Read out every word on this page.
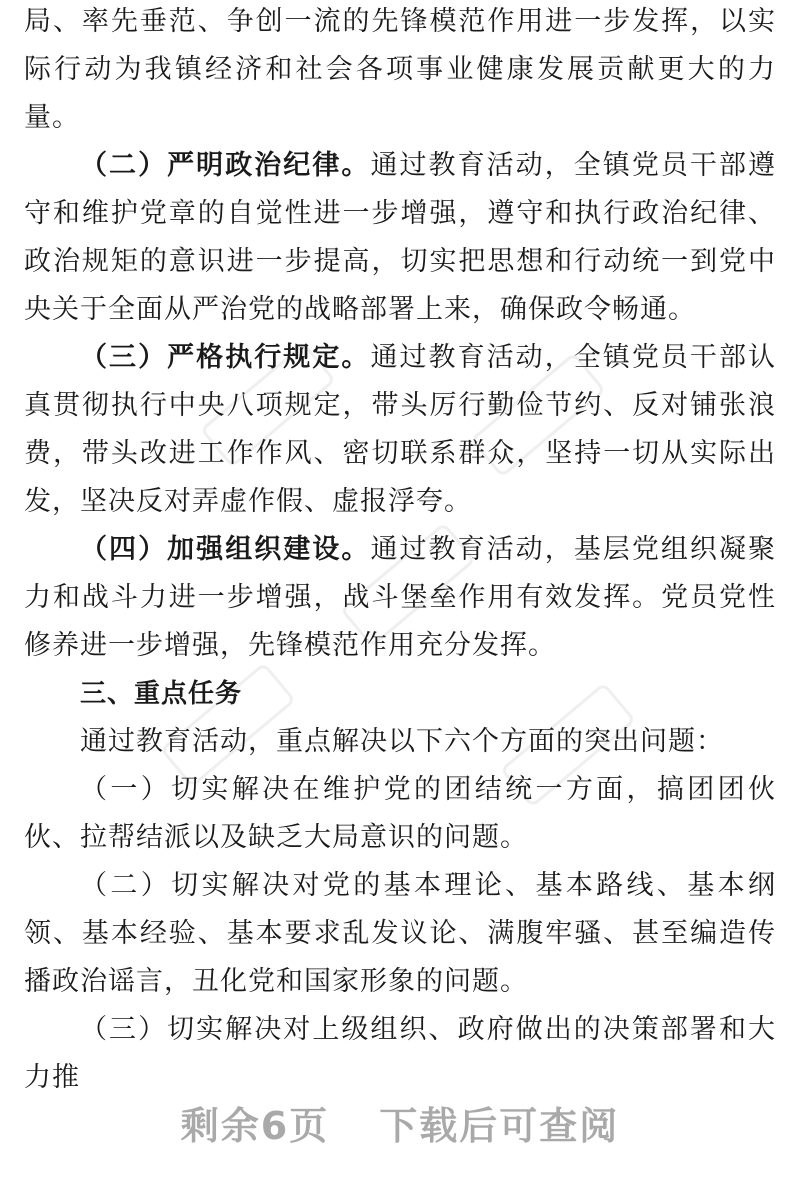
局、率先垂范、争创一流的先锋模范作用进一步发挥，以实际行动为我镇经济和社会各项事业健康发展贡献更大的力量。

（二）严明政治纪律。通过教育活动，全镇党员干部遵守和维护党章的自觉性进一步增强，遵守和执行政治纪律、政治规矩的意识进一步提高，切实把思想和行动统一到党中央关于全面从严治党的战略部署上来，确保政令畅通。

（三）严格执行规定。通过教育活动，全镇党员干部认真贯彻执行中央八项规定，带头厉行勤俭节约、反对铺张浪费，带头改进工作作风、密切联系群众，坚持一切从实际出发，坚决反对弄虚作假、虚报浮夸。

（四）加强组织建设。通过教育活动，基层党组织凝聚力和战斗力进一步增强，战斗堡垒作用有效发挥。党员党性修养进一步增强，先锋模范作用充分发挥。

三、重点任务

通过教育活动，重点解决以下六个方面的突出问题：

（一）切实解决在维护党的团结统一方面，搞团团伙伙、拉帮结派以及缺乏大局意识的问题。

（二）切实解决对党的基本理论、基本路线、基本纲领、基本经验、基本要求乱发议论、满腹牢骚、甚至编造传播政治谣言，丑化党和国家形象的问题。

（三）切实解决对上级组织、政府做出的决策部署和大力推

剩余6页 下载后可查阅
